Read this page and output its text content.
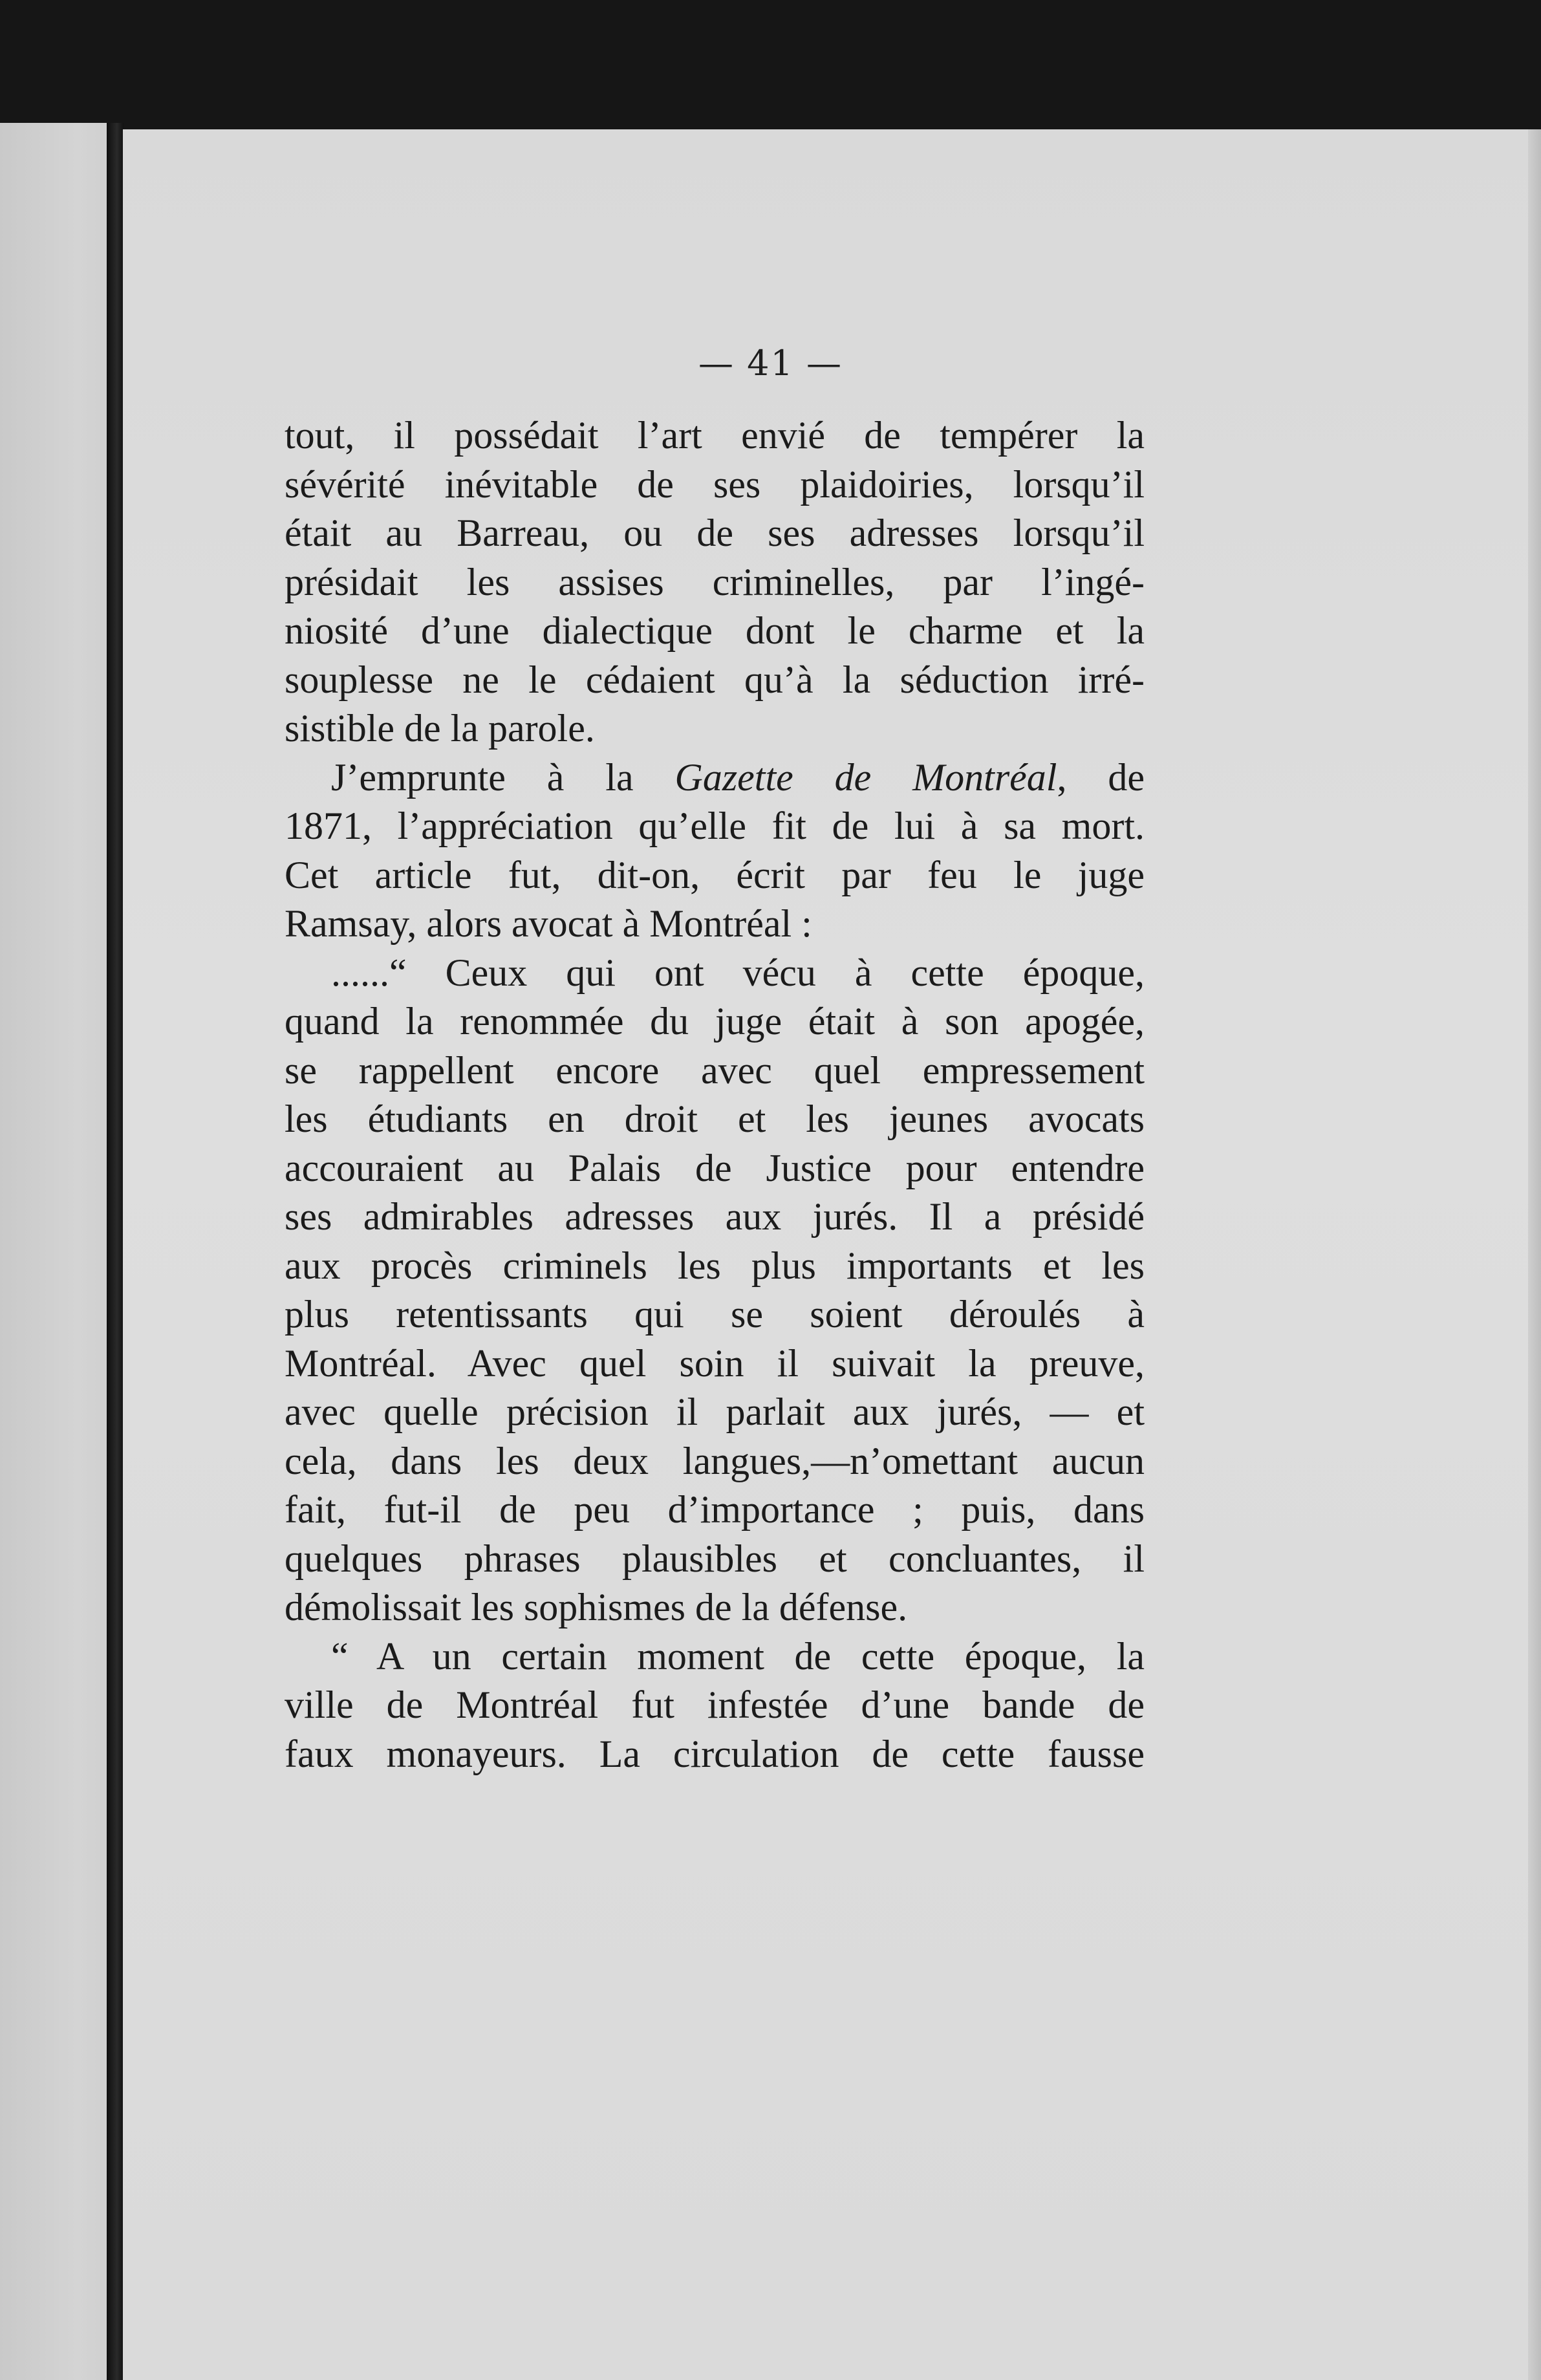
— 41 —
tout, il possédait l’art envié de tempérer la
sévérité inévitable de ses plaidoiries, lorsqu’il
était au Barreau, ou de ses adresses lorsqu’il
présidait les assises criminelles, par l’ingé-
niosité d’une dialectique dont le charme et la
souplesse ne le cédaient qu’à la séduction irré-
sistible de la parole.
J’emprunte à la Gazette de Montréal, de
1871, l’appréciation qu’elle fit de lui à sa mort.
Cet article fut, dit-on, écrit par feu le juge
Ramsay, alors avocat à Montréal :
......“ Ceux qui ont vécu à cette époque,
quand la renommée du juge était à son apogée,
se rappellent encore avec quel empressement
les étudiants en droit et les jeunes avocats
accouraient au Palais de Justice pour entendre
ses admirables adresses aux jurés. Il a présidé
aux procès criminels les plus importants et les
plus retentissants qui se soient déroulés à
Montréal. Avec quel soin il suivait la preuve,
avec quelle précision il parlait aux jurés, — et
cela, dans les deux langues,—n’omettant aucun
fait, fut-il de peu d’importance ; puis, dans
quelques phrases plausibles et concluantes, il
démolissait les sophismes de la défense.
“ A un certain moment de cette époque, la
ville de Montréal fut infestée d’une bande de
faux monayeurs. La circulation de cette fausse
